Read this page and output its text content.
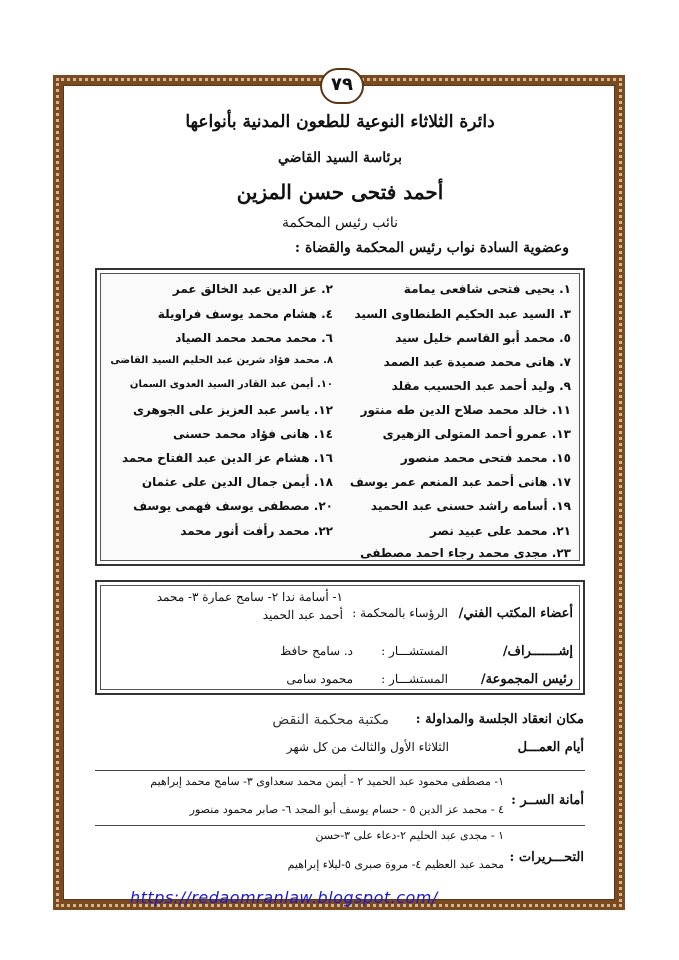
٧٩
دائرة الثلاثاء النوعية للطعون المدنية بأنواعها
برئاسة السيد القاضي
أحمد فتحى حسن المزين
نائب رئيس المحكمة
وعضوية السادة نواب رئيس المحكمة والقضاة :
١. يحيى فتحى شافعى يمامة
٢. عز الدين عبد الخالق عمر
٣. السيد عبد الحكيم الطنطاوى السيد
٤. هشام محمد يوسف فراويلة
٥. محمد أبو القاسم خليل سيد
٦. محمد محمد محمد الصياد
٧. هانى محمد صميدة عبد الصمد
٨. محمد فؤاد شرين عبد الحليم السيد القاضى
٩. وليد أحمد عبد الحسيب مقلد
١٠. أيمن عبد القادر السيد العدوى السمان
١١. خالد محمد صلاح الدين طه منتور
١٢. ياسر عبد العزيز على الجوهرى
١٣. عمرو أحمد المتولى الزهيرى
١٤. هانى فؤاد محمد حسنى
١٥. محمد فتحى محمد منصور
١٦. هشام عز الدين عبد الفتاح محمد
١٧. هانى أحمد عبد المنعم عمر يوسف
١٨. أيمن جمال الدين على عثمان
١٩. أسامه راشد حسنى عبد الحميد
٢٠. مصطفى يوسف فهمى يوسف
٢١. محمد على عبيد نصر
٢٢. محمد رأفت أنور محمد
٢٣. مجدى محمد رجاء احمد مصطفى
أعضاء المكتب الفني/
الرؤساء بالمحكمة :
١- أسامة ندا ٢- سامح عمارة ٣- محمد أحمد عبد الحميد
إشـــــــراف/
المستشـــار :
د. سامح حافظ
رئيس المجموعة/
المستشـــار :
محمود سامى
مكان انعقاد الجلسة والمداولة :
مكتبة محكمة النقض
أيام العمـــل
الثلاثاء الأول والثالث من كل شهر
أمانة الســر :
١- مصطفى محمود عبد الحميد ٢ - أيمن محمد سعداوى ٣- سامح محمد إبراهيم
٤ - محمد عز الدين ٥ - حسام يوسف أبو المجد ٦- صابر محمود منصور
التحـــريرات :
١ - مجدى عبد الحليم ٢-دعاء على ٣-حسن
محمد عبد العظيم ٤- مروة صبرى ٥-ليلاء إبراهيم
https://redaomranlaw.blogspot.com/
